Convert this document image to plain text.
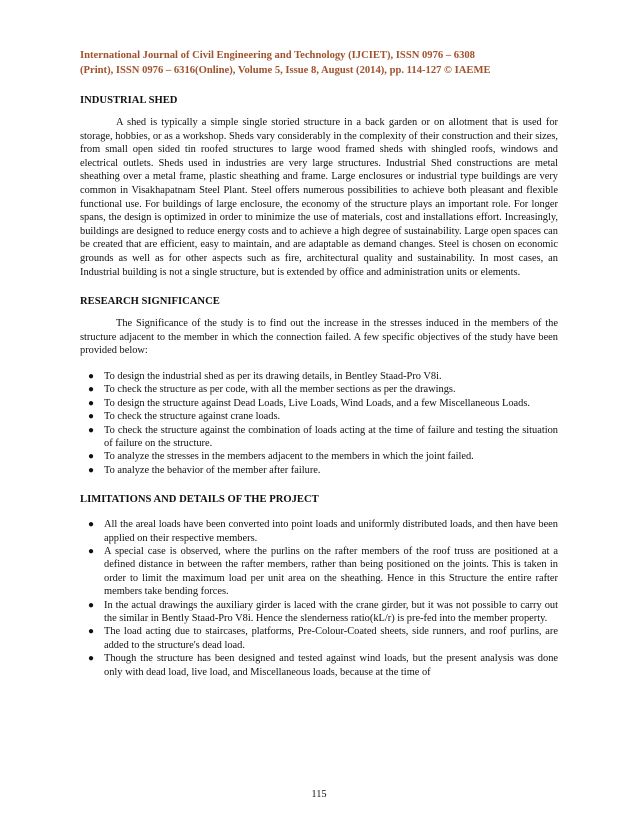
International Journal of Civil Engineering and Technology (IJCIET), ISSN 0976 – 6308
(Print), ISSN 0976 – 6316(Online), Volume 5, Issue 8, August (2014), pp. 114-127 © IAEME
INDUSTRIAL SHED

A shed is typically a simple single storied structure in a back garden or on allotment that is used for storage, hobbies, or as a workshop. Sheds vary considerably in the complexity of their construction and their sizes, from small open sided tin roofed structures to large wood framed sheds with shingled roofs, windows and electrical outlets. Sheds used in industries are very large structures. Industrial Shed constructions are metal sheathing over a metal frame, plastic sheathing and frame. Large enclosures or industrial type buildings are very common in Visakhapatnam Steel Plant. Steel offers numerous possibilities to achieve both pleasant and flexible functional use. For buildings of large enclosure, the economy of the structure plays an important role. For longer spans, the design is optimized in order to minimize the use of materials, cost and installations effort. Increasingly, buildings are designed to reduce energy costs and to achieve a high degree of sustainability. Large open spaces can be created that are efficient, easy to maintain, and are adaptable as demand changes. Steel is chosen on economic grounds as well as for other aspects such as fire, architectural quality and sustainability. In most cases, an Industrial building is not a single structure, but is extended by office and administration units or elements.

RESEARCH SIGNIFICANCE

The Significance of the study is to find out the increase in the stresses induced in the members of the structure adjacent to the member in which the connection failed. A few specific objectives of the study have been provided below:

● To design the industrial shed as per its drawing details, in Bentley Staad-Pro V8i.
● To check the structure as per code, with all the member sections as per the drawings.
● To design the structure against Dead Loads, Live Loads, Wind Loads, and a few Miscellaneous Loads.
● To check the structure against crane loads.
● To check the structure against the combination of loads acting at the time of failure and testing the situation of failure on the structure.
● To analyze the stresses in the members adjacent to the members in which the joint failed.
● To analyze the behavior of the member after failure.
LIMITATIONS AND DETAILS OF THE PROJECT
● All the areal loads have been converted into point loads and uniformly distributed loads, and then have been applied on their respective members.
● A special case is observed, where the purlins on the rafter members of the roof truss are positioned at a defined distance in between the rafter members, rather than being positioned on the joints. This is taken in order to limit the maximum load per unit area on the sheathing. Hence in this Structure the entire rafter members take bending forces.
● In the actual drawings the auxiliary girder is laced with the crane girder, but it was not possible to carry out the similar in Bently Staad-Pro V8i. Hence the slenderness ratio(kL/r) is pre-fed into the member property.
● The load acting due to staircases, platforms, Pre-Colour-Coated sheets, side runners, and roof purlins, are added to the structure's dead load.
● Though the structure has been designed and tested against wind loads, but the present analysis was done only with dead load, live load, and Miscellaneous loads, because at the time of
115
